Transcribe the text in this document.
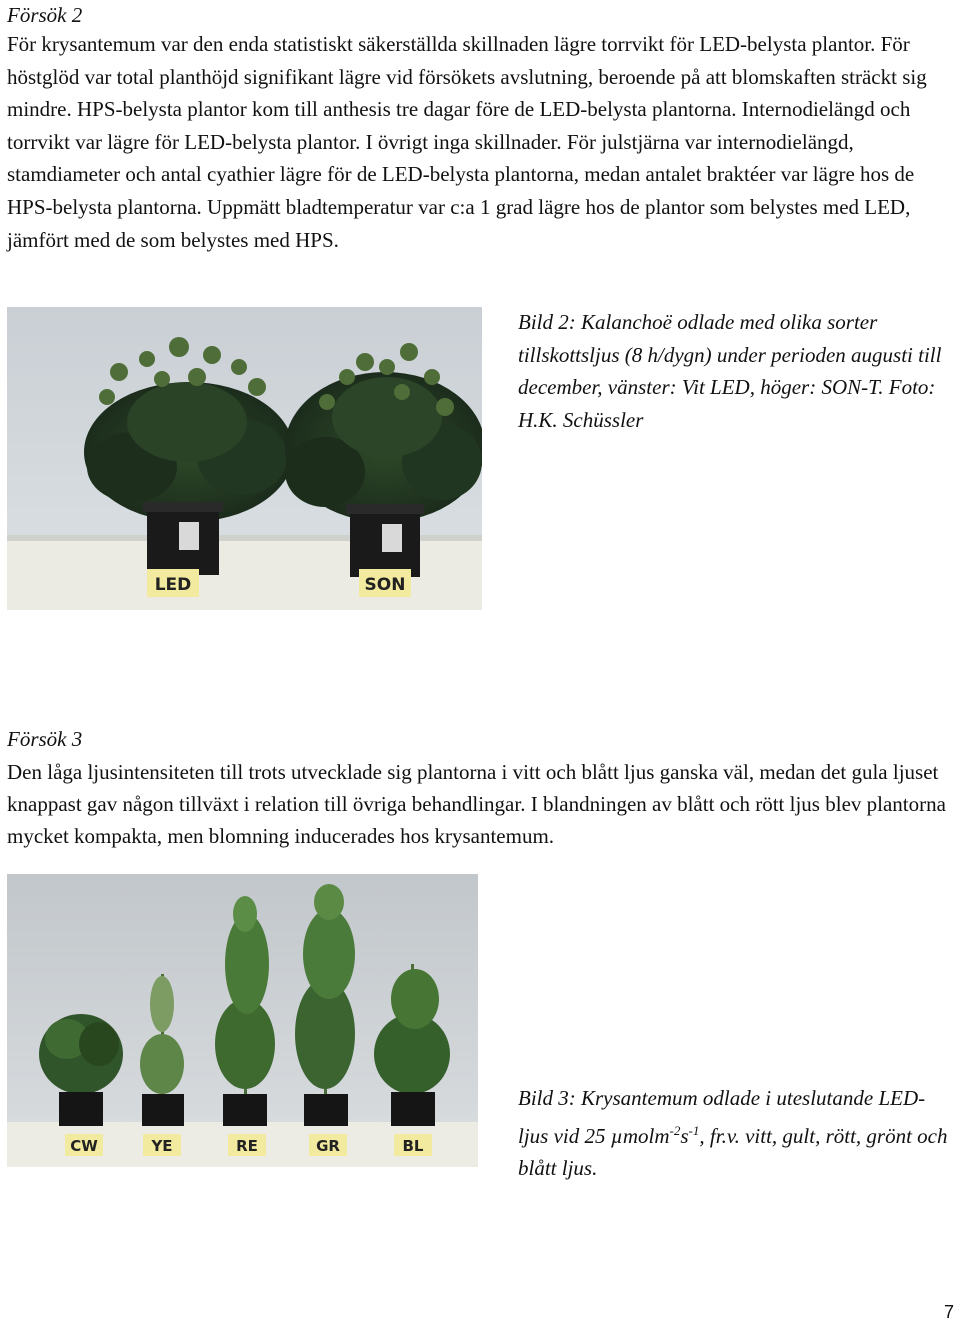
Försök 2
För krysantemum var den enda statistiskt säkerställda skillnaden lägre torrvikt för LED-belysta plantor. För höstglöd var total planthöjd signifikant lägre vid försökets avslutning, beroende på att blomskaften sträckt sig mindre. HPS-belysta plantor kom till anthesis tre dagar före de LED-belysta plantorna. Internodielängd och torrvikt var lägre för LED-belysta plantor. I övrigt inga skillnader. För julstjärna var internodielängd, stamdiameter och antal cyathier lägre för de LED-belysta plantorna, medan antalet braktéer var lägre hos de HPS-belysta plantorna. Uppmätt bladtemperatur var c:a 1 grad lägre hos de plantor som belystes med LED, jämfört med de som belystes med HPS.
LED	SON
Bild 2: Kalanchoë odlade med olika sorter tillskottsljus (8 h/dygn) under perioden augusti till december, vänster: Vit LED, höger: SON-T. Foto: H.K. Schüssler
Försök 3
Den låga ljusintensiteten till trots utvecklade sig plantorna i vitt och blått ljus ganska väl, medan det gula ljuset knappast gav någon tillväxt i relation till övriga behandlingar. I blandningen av blått och rött ljus blev plantorna mycket kompakta, men blomning inducerades hos krysantemum.
CW	YE	RE	GR	BL
Bild 3: Krysantemum odlade i uteslutande LED-ljus vid 25 $\mu molm^{-2}s^{-1}$, fr.v. vitt, gult, rött, grönt och blått ljus.
7
